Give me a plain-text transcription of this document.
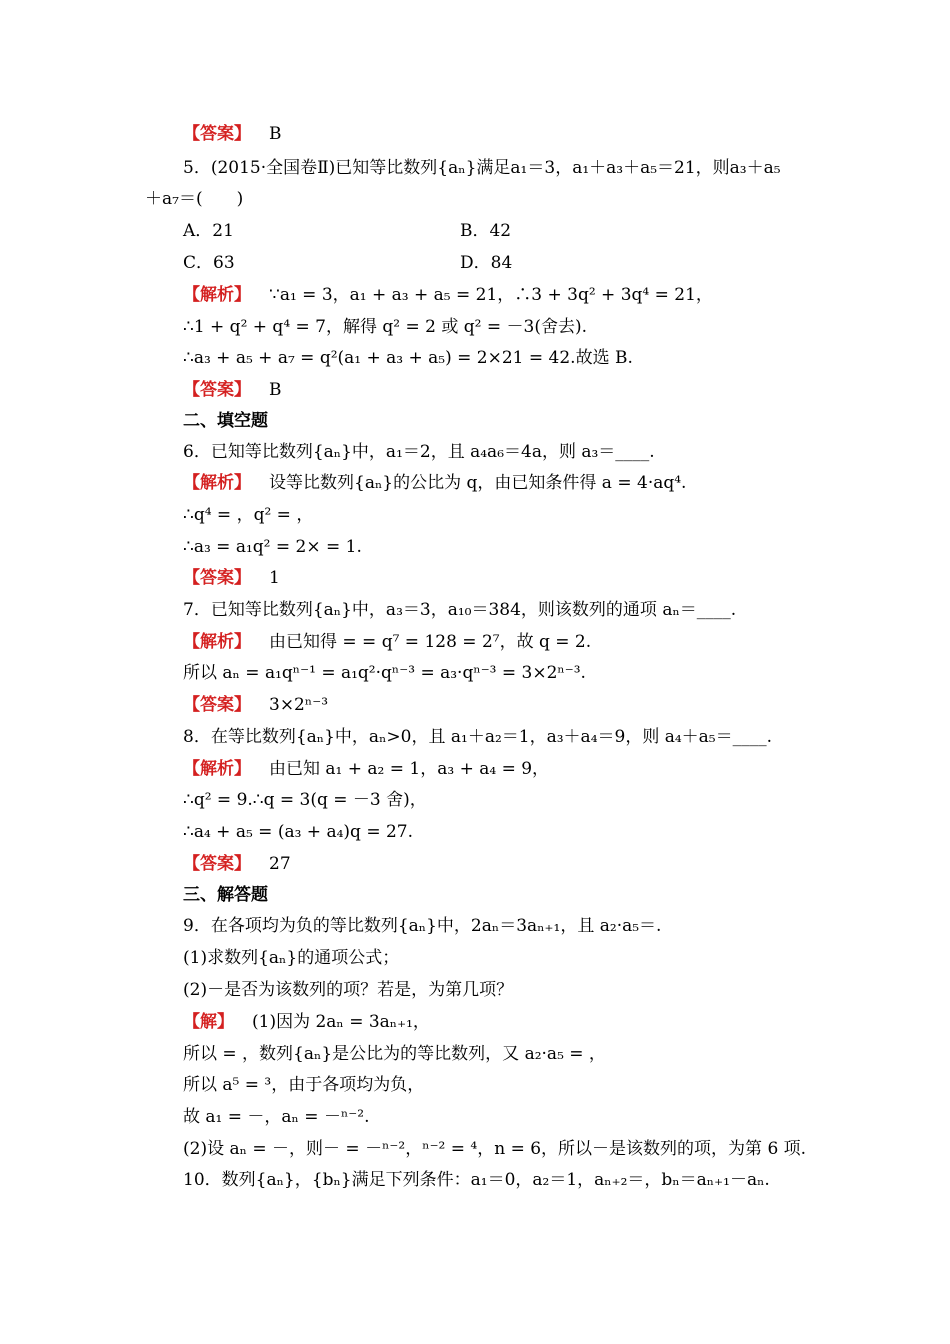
【答案】 B
5．(2015·全国卷Ⅱ)已知等比数列{aₙ}满足a₁＝3，a₁＋a₃＋a₅＝21，则a₃＋a₅
＋a₇＝(　　)
A．21	B．42
C．63	D．84
【解析】 ∵a₁ = 3，a₁ + a₃ + a₅ = 21，∴3 + 3q² + 3q⁴ = 21，
∴1 + q² + q⁴ = 7，解得 q² = 2 或 q² = －3(舍去).
∴a₃ + a₅ + a₇ = q²(a₁ + a₃ + a₅) = 2×21 = 42.故选 B.
【答案】 B
二、填空题
6．已知等比数列{aₙ}中，a₁＝2，且 a₄a₆＝4a，则 a₃＝____.
【解析】 设等比数列{aₙ}的公比为 q，由已知条件得 a = 4·aq⁴.
∴q⁴ = ，q² = ，
∴a₃ = a₁q² = 2× = 1.
【答案】 1
7．已知等比数列{aₙ}中，a₃＝3，a₁₀＝384，则该数列的通项 aₙ＝____.
【解析】 由已知得 = = q⁷ = 128 = 2⁷，故 q = 2.
所以 aₙ = a₁qⁿ⁻¹ = a₁q²·qⁿ⁻³ = a₃·qⁿ⁻³ = 3×2ⁿ⁻³.
【答案】 3×2ⁿ⁻³
8．在等比数列{aₙ}中，aₙ>0，且 a₁＋a₂＝1，a₃＋a₄＝9，则 a₄＋a₅＝____.
【解析】 由已知 a₁ + a₂ = 1，a₃ + a₄ = 9，
∴q² = 9.∴q = 3(q = －3 舍)，
∴a₄ + a₅ = (a₃ + a₄)q = 27.
【答案】 27
三、解答题
9．在各项均为负的等比数列{aₙ}中，2aₙ＝3aₙ₊₁，且 a₂·a₅＝.
(1)求数列{aₙ}的通项公式；
(2)－是否为该数列的项？若是，为第几项？
【解】 (1)因为 2aₙ = 3aₙ₊₁，
所以 = ，数列{aₙ}是公比为的等比数列，又 a₂·a₅ = ，
所以 a⁵ = ³，由于各项均为负，
故 a₁ = －，aₙ = －ⁿ⁻².
(2)设 aₙ = －，则－ = －ⁿ⁻²，ⁿ⁻² = ⁴，n = 6，所以－是该数列的项，为第 6 项.
10．数列{aₙ}，{bₙ}满足下列条件：a₁＝0，a₂＝1，aₙ₊₂＝，bₙ＝aₙ₊₁－aₙ.
